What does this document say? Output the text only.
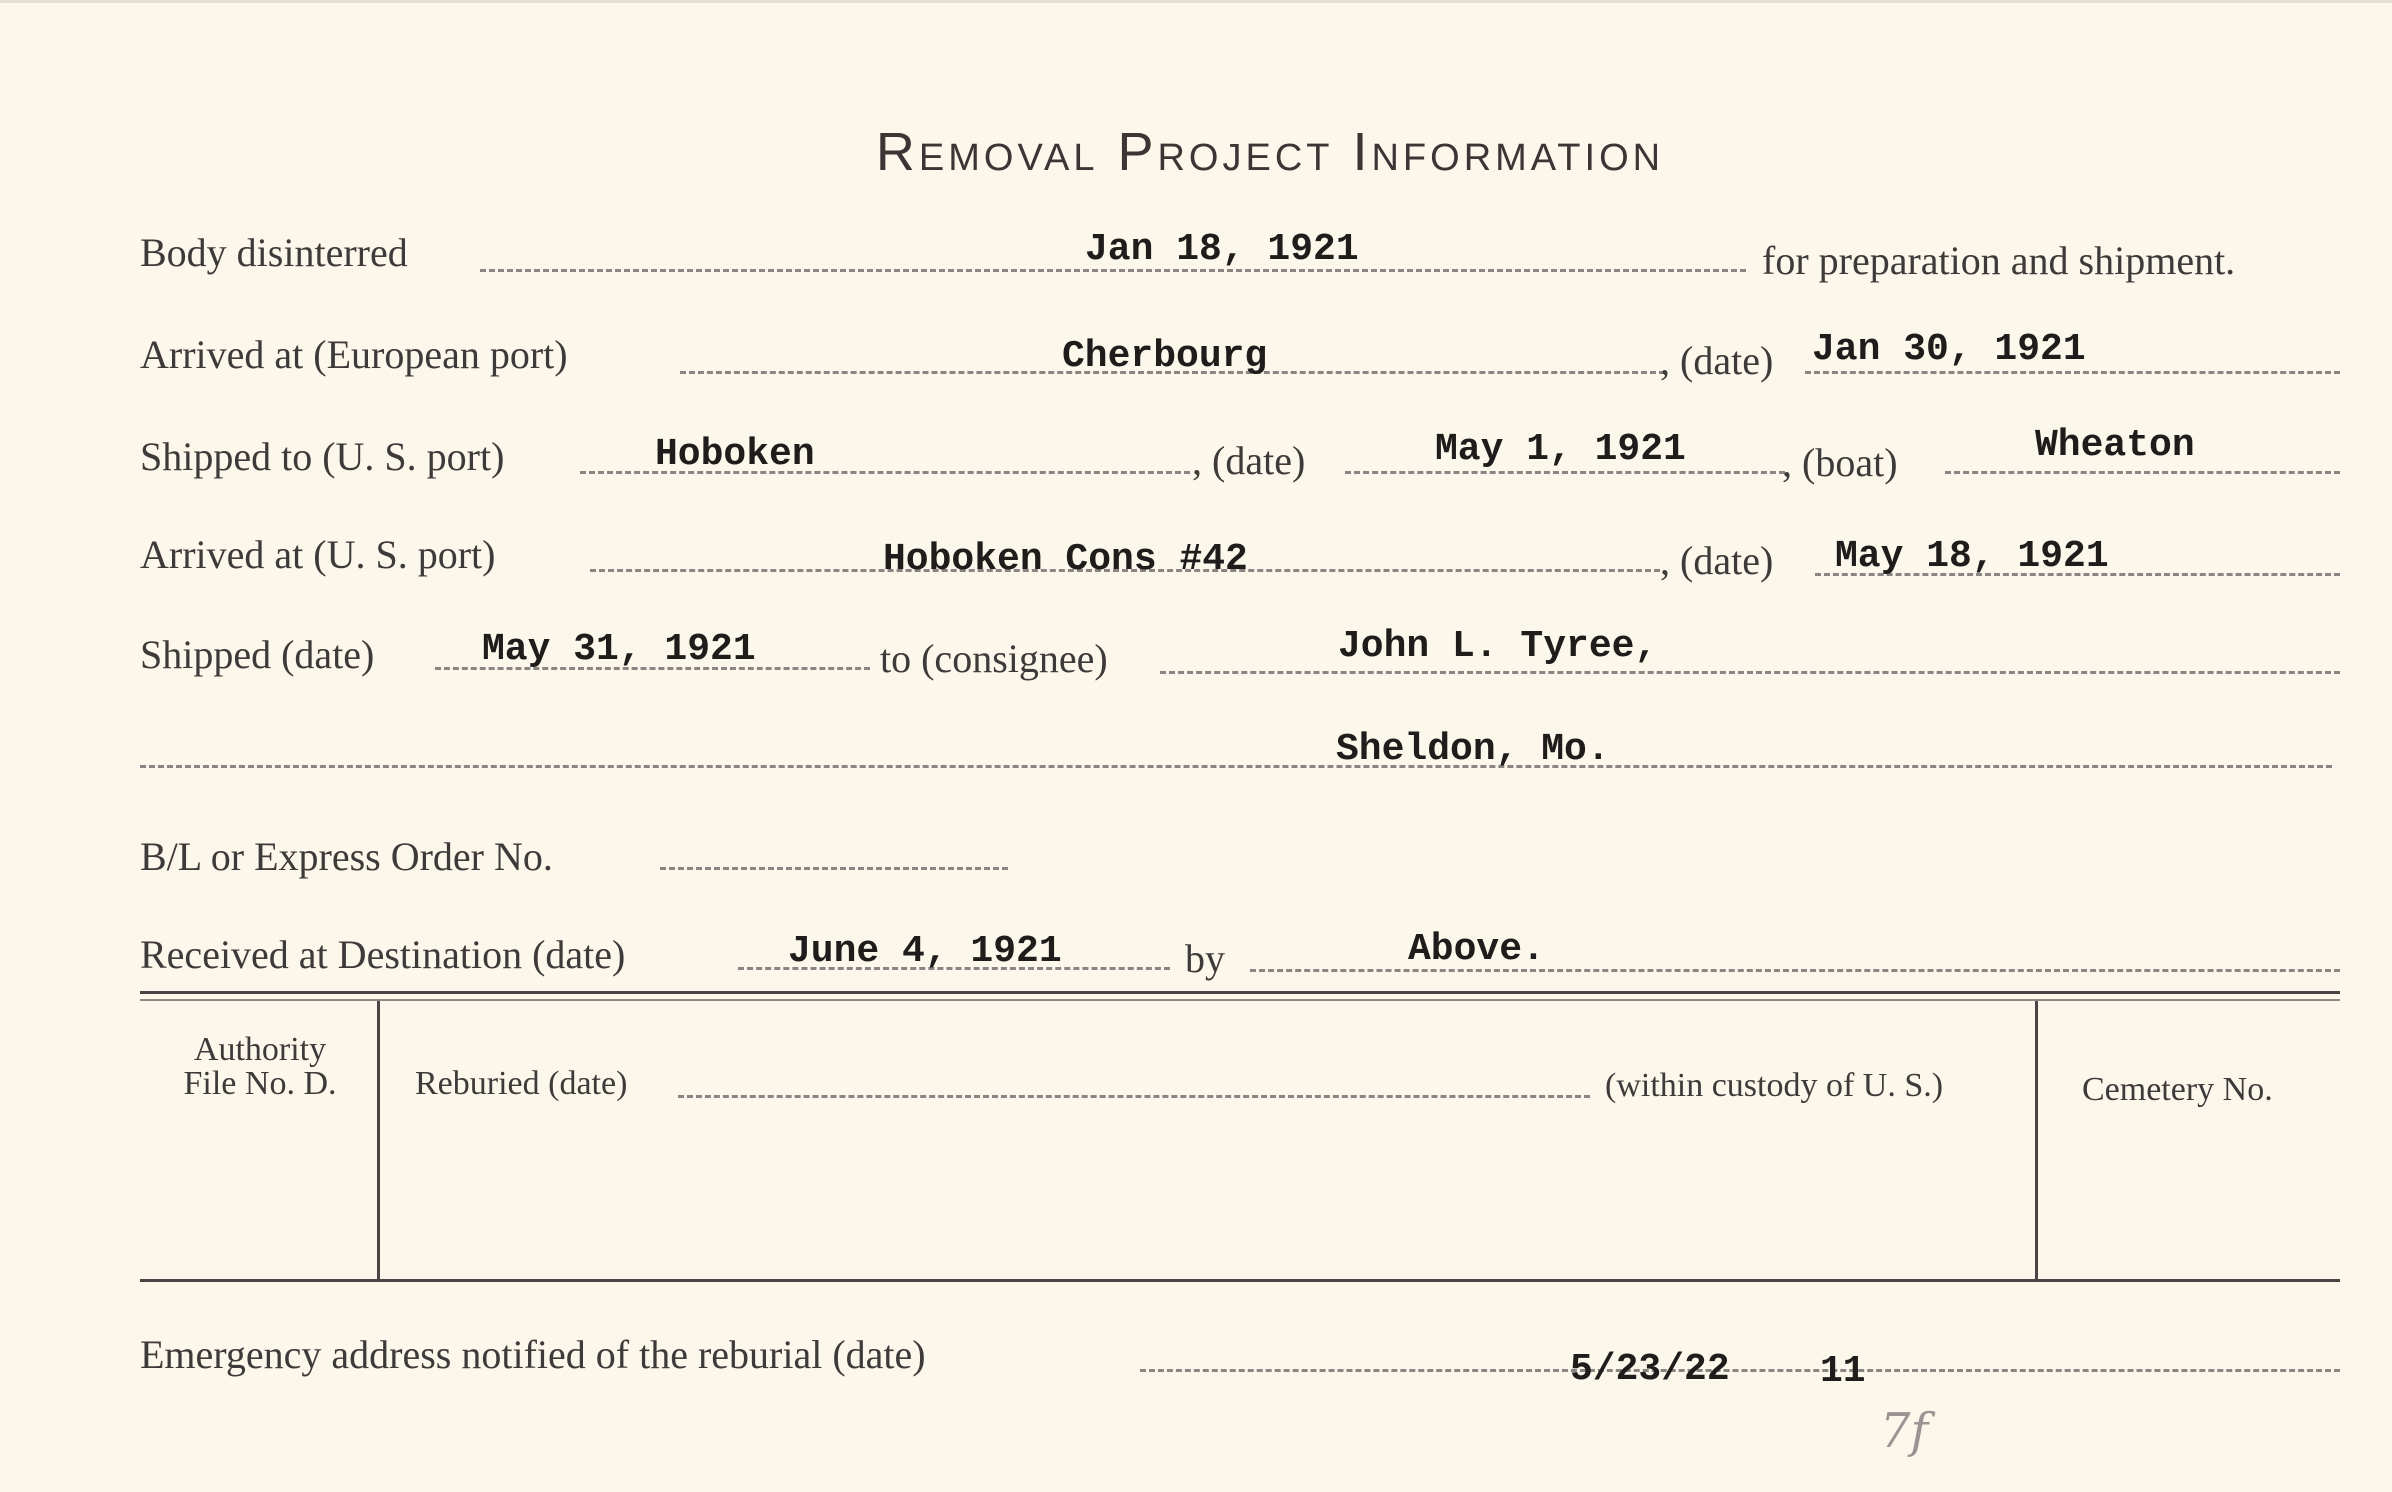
Removal Project Information
Body disinterred	Jan 18, 1921	for preparation and shipment.
Arrived at (European port)	Cherbourg	, (date) Jan 30, 1921
Shipped to (U. S. port)	Hoboken	, (date)	May 1, 1921 , (boat)	Wheaton
Arrived at (U. S. port)	Hoboken Cons #42	, (date) May 18, 1921
Shipped (date)	May 31, 1921	to (consignee)	John L. Tyree,
Sheldon, Mo.
B/L or Express Order No.
Received at Destination (date)	June 4, 1921	by	Above.
Authority
File No. D.	Reburied (date)	(within custody of U. S.)	Cemetery No.
Emergency address notified of the reburial (date)	5/23/22 11
7f
